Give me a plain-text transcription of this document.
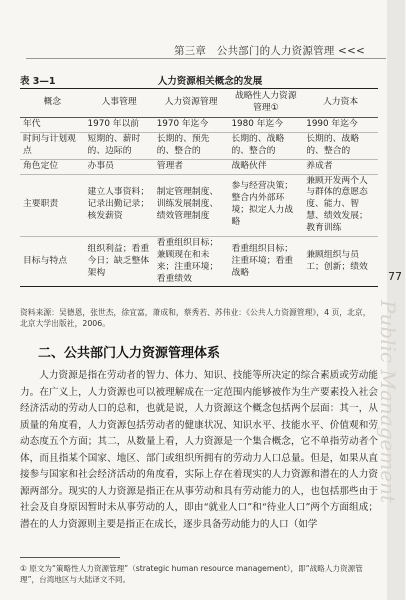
第三章　公共部门的人力资源管理 <<<
77
表 3—1	人力资源相关概念的发展
概念	人事管理	人力资源管理	战略性人力资源管理①	人力资本
年代	1970 年以前	1970 年迄今	1980 年迄今	1990 年迄今
时间与计划观点	短期的、薪时的、边际的	长期的、预先的、整合的	长期的、战略的、整合的	长期的、战略的、整合的
角色定位	办事员	管理者	战略伙伴	养成者
主要职责	建立人事资料；记录出勤记录；核发薪资	制定管理制度、训练发展制度、绩效管理制度	参与经营决策；整合内外部环境；拟定人力战略	兼顾开发两个人与群体的意愿态度、能力、智慧、绩效发展；教育训练
目标与特点	组织利益；看重今日；缺乏整体架构	看重组织目标；兼顾现在和未来；注重环境；看重绩效	看重组织目标；注重环境；看重战略	兼顾组织与员工；创新；绩效
资料来源：吴德恩，张世杰，徐宜富，萧成和，蔡秀若、苏伟业：《公共人力资源管理》，4 页，北京，北京大学出版社，2006。
二、公共部门人力资源管理体系

人力资源是指在劳动者的智力、体力、知识、技能等所决定的综合素质或劳动能力。在广义上，人力资源也可以被理解成在一定范围内能够被作为生产要素投入社会经济活动的劳动人口的总和，也就是说，人力资源这个概念包括两个层面：其一，从质量的角度看，人力资源包括劳动者的健康状况、知识水平、技能水平、价值观和劳动态度五个方面；其二，从数量上看，人力资源是一个集合概念，它不单指劳动者个体，而且指某个国家、地区、部门或组织所拥有的劳动力人口总量。但是，如果从直接参与国家和社会经济活动的角度看，实际上存在着现实的人力资源和潜在的人力资源两部分。现实的人力资源是指正在从事劳动和具有劳动能力的人，也包括那些由于社会及自身原因暂时未从事劳动的人，即由“就业人口”和“待业人口”两个方面组成；潜在的人力资源则主要是指正在成长，逐步具备劳动能力的人口（如学

① 原文为“策略性人力资源管理”（strategic human resource management），即“战略人力资源管理”，台湾地区与大陆译文不同。
